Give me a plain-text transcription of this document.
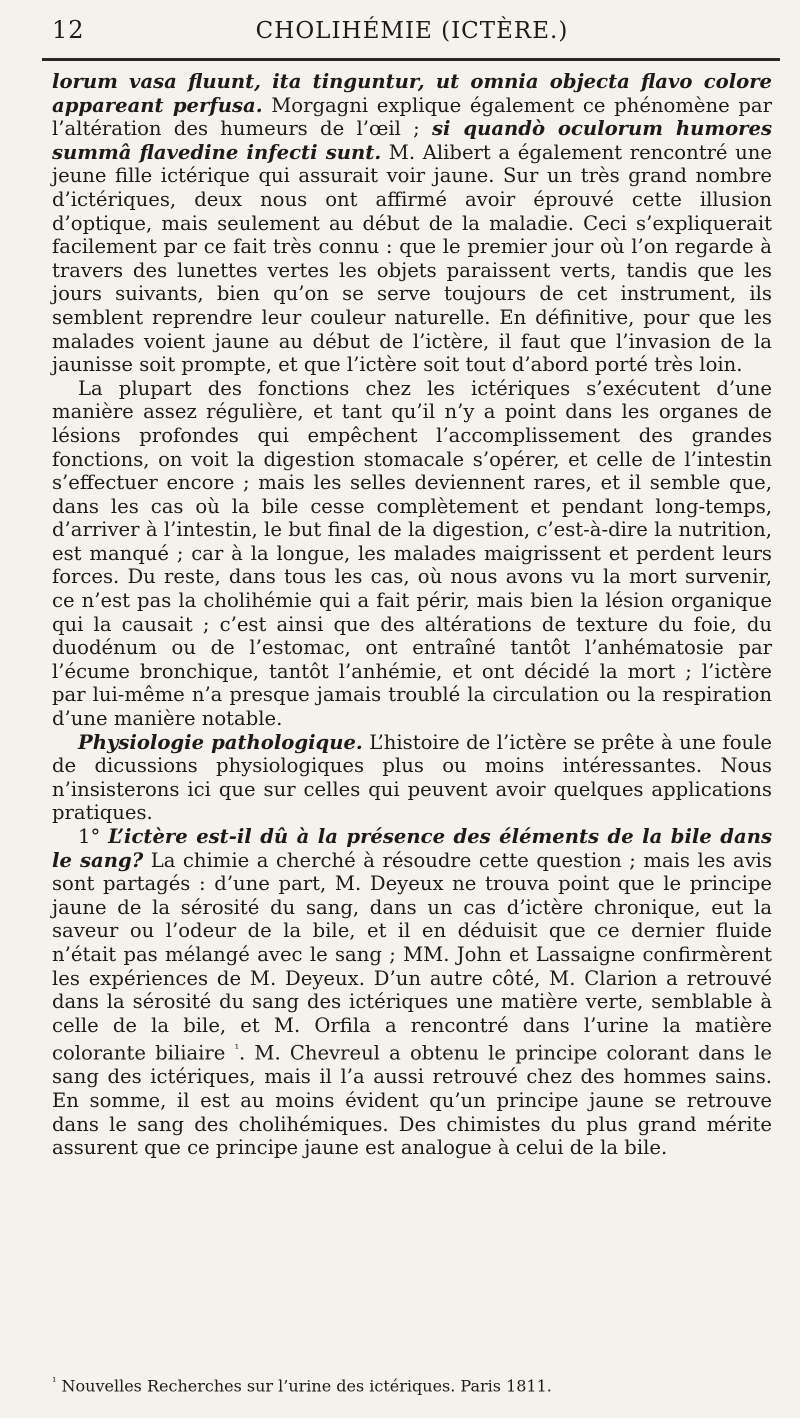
12	CHOLIHÉMIE (ICTÈRE.)

lorum vasa fluunt, ita tinguntur, ut omnia objecta flavo colore appareant perfusa. Morgagni explique également ce phénomène par l’altération des humeurs de l’œil ; si quandò oculorum humores summâ flavedine infecti sunt. M. Alibert a également rencontré une jeune fille ictérique qui assurait voir jaune. Sur un très grand nombre d’ictériques, deux nous ont affirmé avoir éprouvé cette illusion d’optique, mais seulement au début de la maladie. Ceci s’expliquerait facilement par ce fait très connu : que le premier jour où l’on regarde à travers des lunettes vertes les objets paraissent verts, tandis que les jours suivants, bien qu’on se serve toujours de cet instrument, ils semblent reprendre leur couleur naturelle. En définitive, pour que les malades voient jaune au début de l’ictère, il faut que l’invasion de la jaunisse soit prompte, et que l’ictère soit tout d’abord porté très loin.

La plupart des fonctions chez les ictériques s’exécutent d’une manière assez régulière, et tant qu’il n’y a point dans les organes de lésions profondes qui empêchent l’accomplissement des grandes fonctions, on voit la digestion stomacale s’opérer, et celle de l’intestin s’effectuer encore ; mais les selles deviennent rares, et il semble que, dans les cas où la bile cesse complètement et pendant long-temps, d’arriver à l’intestin, le but final de la digestion, c’est-à-dire la nutrition, est manqué ; car à la longue, les malades maigrissent et perdent leurs forces. Du reste, dans tous les cas, où nous avons vu la mort survenir, ce n’est pas la cholihémie qui a fait périr, mais bien la lésion organique qui la causait ; c’est ainsi que des altérations de texture du foie, du duodénum ou de l’estomac, ont entraîné tantôt l’anhématosie par l’écume bronchique, tantôt l’anhémie, et ont décidé la mort ; l’ictère par lui-même n’a presque jamais troublé la circulation ou la respiration d’une manière notable.

Physiologie pathologique. L’histoire de l’ictère se prête à une foule de dicussions physiologiques plus ou moins intéressantes. Nous n’insisterons ici que sur celles qui peuvent avoir quelques applications pratiques.

1° L’ictère est-il dû à la présence des éléments de la bile dans le sang? La chimie a cherché à résoudre cette question ; mais les avis sont partagés : d’une part, M. Deyeux ne trouva point que le principe jaune de la sérosité du sang, dans un cas d’ictère chronique, eut la saveur ou l’odeur de la bile, et il en déduisit que ce dernier fluide n’était pas mélangé avec le sang ; MM. John et Lassaigne confirmèrent les expériences de M. Deyeux. D’un autre côté, M. Clarion a retrouvé dans la sérosité du sang des ictériques une matière verte, semblable à celle de la bile, et M. Orfila a rencontré dans l’urine la matière colorante biliaire $^{^1}$. M. Chevreul a obtenu le principe colorant dans le sang des ictériques, mais il l’a aussi retrouvé chez des hommes sains. En somme, il est au moins évident qu’un principe jaune se retrouve dans le sang des cholihémiques. Des chimistes du plus grand mérite assurent que ce principe jaune est analogue à celui de la bile.

$^{^1}$ Nouvelles Recherches sur l’urine des ictériques. Paris 1811.
